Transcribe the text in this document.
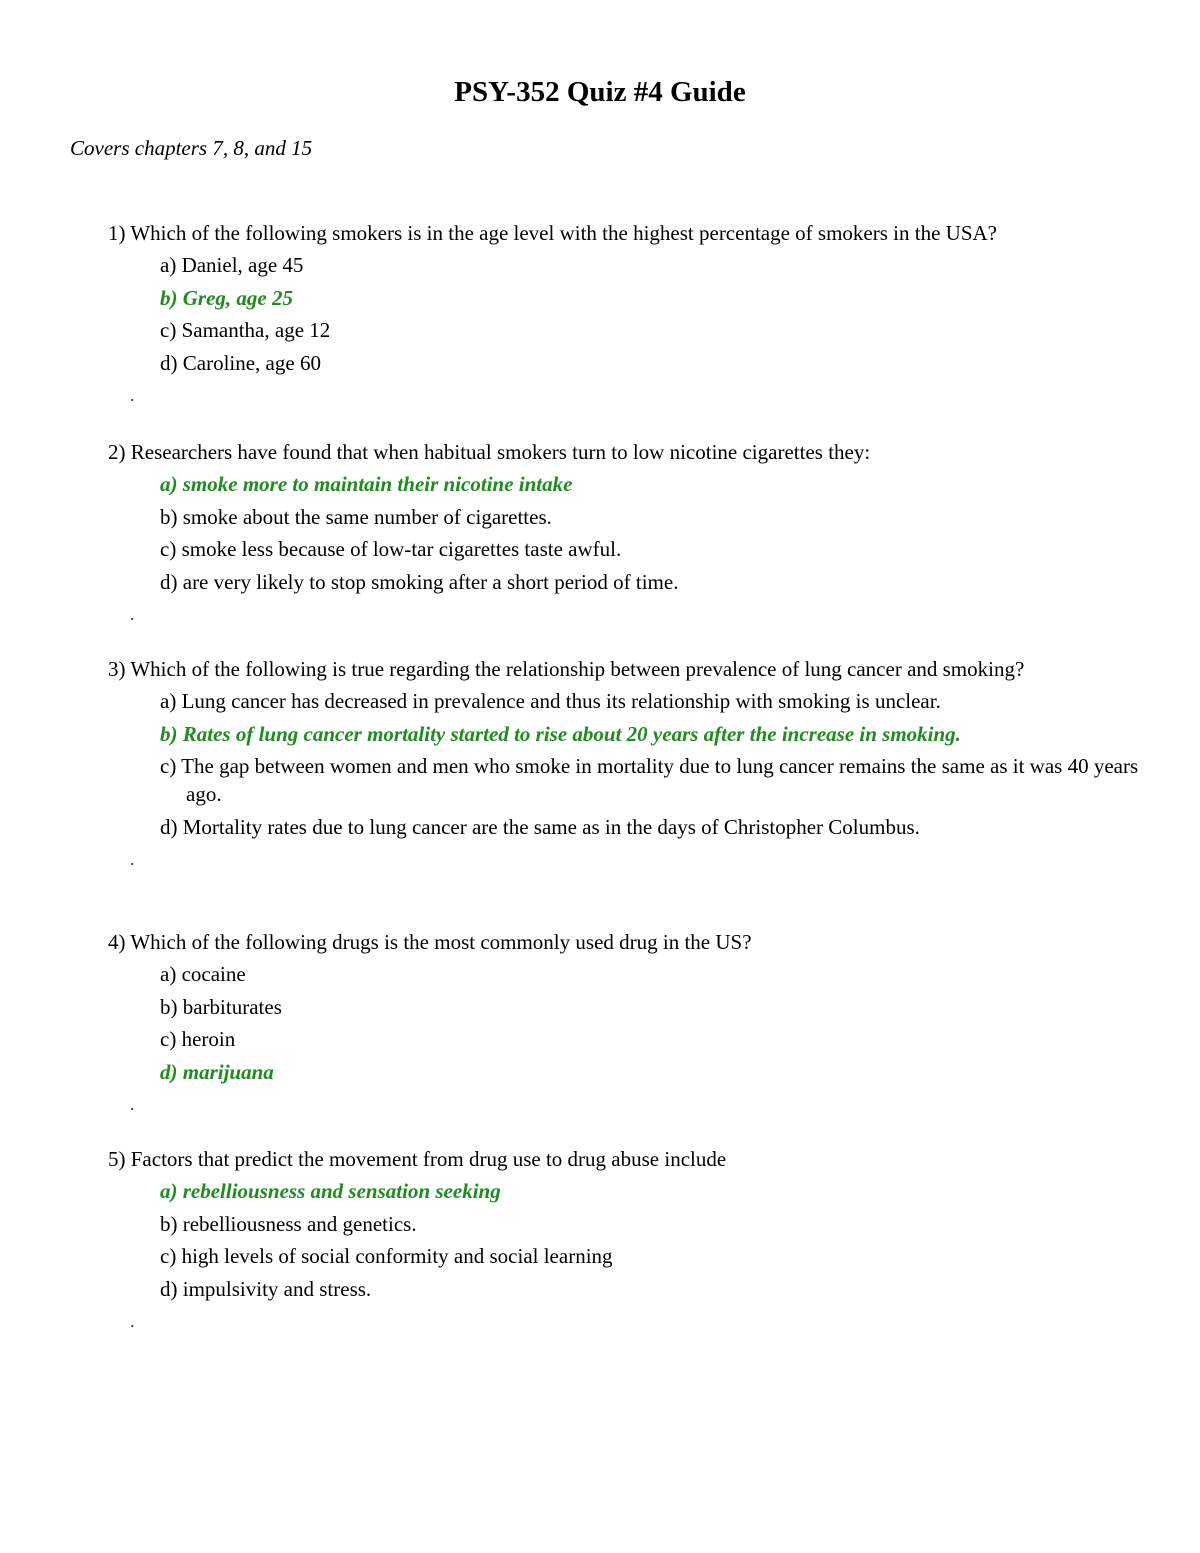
PSY-352 Quiz #4 Guide
Covers chapters 7, 8, and 15

1) Which of the following smokers is in the age level with the highest percentage of smokers in the USA?

a) Daniel, age 45
b) Greg, age 25
c) Samantha, age 12
d) Caroline, age 60
.

2) Researchers have found that when habitual smokers turn to low nicotine cigarettes they:

a) smoke more to maintain their nicotine intake
b) smoke about the same number of cigarettes.
c) smoke less because of low-tar cigarettes taste awful.
d) are very likely to stop smoking after a short period of time.
.

3) Which of the following is true regarding the relationship between prevalence of lung cancer and smoking?

a) Lung cancer has decreased in prevalence and thus its relationship with smoking is unclear.
b) Rates of lung cancer mortality started to rise about 20 years after the increase in smoking.
c) The gap between women and men who smoke in mortality due to lung cancer remains the same as it was 40 years ago.
d) Mortality rates due to lung cancer are the same as in the days of Christopher Columbus.
.

4) Which of the following drugs is the most commonly used drug in the US?

a) cocaine
b) barbiturates
c) heroin
d) marijuana
.

5) Factors that predict the movement from drug use to drug abuse include

a) rebelliousness and sensation seeking
b) rebelliousness and genetics.
c) high levels of social conformity and social learning
d) impulsivity and stress.
.
